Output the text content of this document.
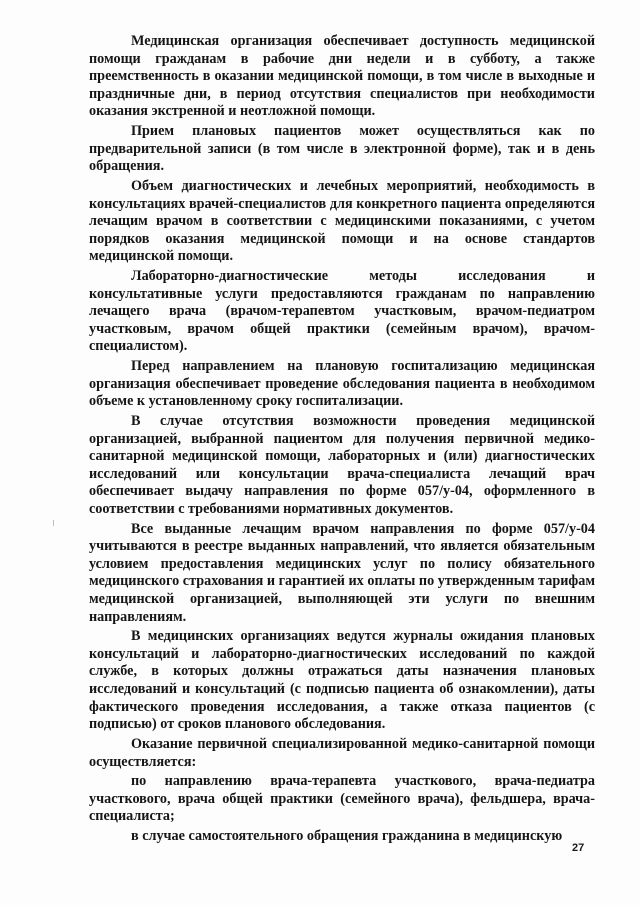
Медицинская организация обеспечивает доступность медицинской помощи гражданам в рабочие дни недели и в субботу, а также преемственность в оказании медицинской помощи, в том числе в выходные и праздничные дни, в период отсутствия специалистов при необходимости оказания экстренной и неотложной помощи.

Прием плановых пациентов может осуществляться как по предварительной записи (в том числе в электронной форме), так и в день обращения.

Объем диагностических и лечебных мероприятий, необходимость в консультациях врачей-специалистов для конкретного пациента определяются лечащим врачом в соответствии с медицинскими показаниями, с учетом порядков оказания медицинской помощи и на основе стандартов медицинской помощи.

Лабораторно-диагностические методы исследования и консультативные услуги предоставляются гражданам по направлению лечащего врача (врачом-терапевтом участковым, врачом-педиатром участковым, врачом общей практики (семейным врачом), врачом-специалистом).

Перед направлением на плановую госпитализацию медицинская организация обеспечивает проведение обследования пациента в необходимом объеме к установленному сроку госпитализации.

В случае отсутствия возможности проведения медицинской организацией, выбранной пациентом для получения первичной медико-санитарной медицинской помощи, лабораторных и (или) диагностических исследований или консультации врача-специалиста лечащий врач обеспечивает выдачу направления по форме 057/у-04, оформленного в соответствии с требованиями нормативных документов.

Все выданные лечащим врачом направления по форме 057/у-04 учитываются в реестре выданных направлений, что является обязательным условием предоставления медицинских услуг по полису обязательного медицинского страхования и гарантией их оплаты по утвержденным тарифам медицинской организацией, выполняющей эти услуги по внешним направлениям.

В медицинских организациях ведутся журналы ожидания плановых консультаций и лабораторно-диагностических исследований по каждой службе, в которых должны отражаться даты назначения плановых исследований и консультаций (с подписью пациента об ознакомлении), даты фактического проведения исследования, а также отказа пациентов (с подписью) от сроков планового обследования.

Оказание первичной специализированной медико-санитарной помощи осуществляется:

по направлению врача-терапевта участкового, врача-педиатра участкового, врача общей практики (семейного врача), фельдшера, врача-специалиста;

в случае самостоятельного обращения гражданина в медицинскую

27
